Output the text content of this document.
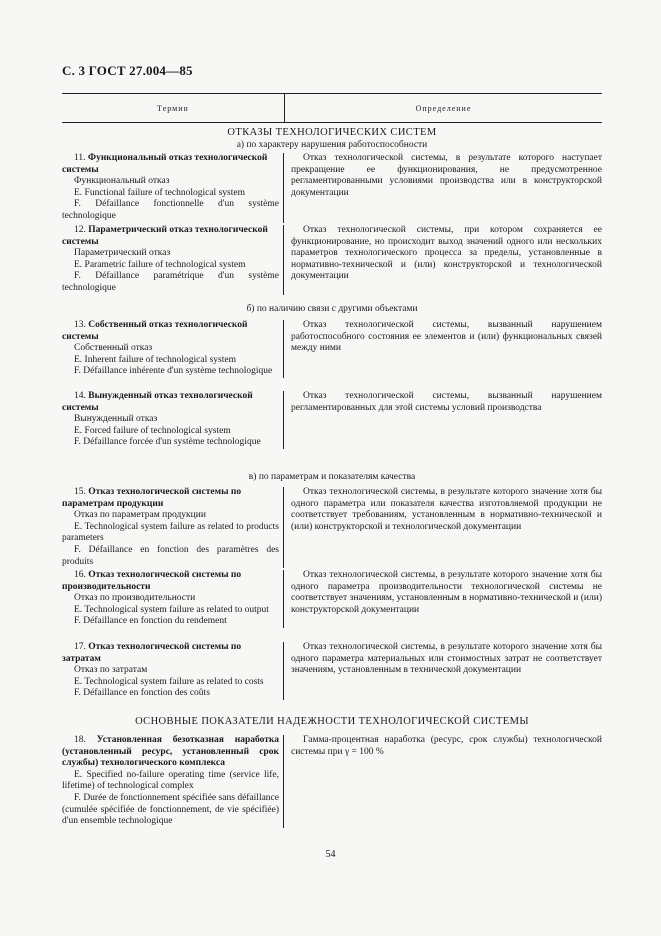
С. 3 ГОСТ 27.004—85
Термин	Определение
ОТКАЗЫ ТЕХНОЛОГИЧЕСКИХ СИСТЕМ
а) по характеру нарушения работоспособности

11. Функциональный отказ технологической системы

Функциональный отказ

E. Functional failure of technological system

F. Défaillance fonctionnelle d'un système technologique

Отказ технологической системы, в результате которого наступает прекращение ее функционирования, не предусмотренное регламентированными условиями производства или в конструкторской документации

12. Параметрический отказ технологической системы

Параметрический отказ

E. Parametric failure of technological system

F. Défaillance paramétrique d'un système technologique

Отказ технологической системы, при котором сохраняется ее функционирование, но происходит выход значений одного или нескольких параметров технологического процесса за пределы, установленные в нормативно-технической и (или) конструкторской и технологической документации
б) по наличию связи с другими объектами

13. Собственный отказ технологической системы

Собственный отказ

E. Inherent failure of technological system

F. Défaillance inhérente d'un système technologique

Отказ технологической системы, вызванный нарушением работоспособного состояния ее элементов и (или) функциональных связей между ними

14. Вынужденный отказ технологической системы

Вынужденный отказ

E. Forced failure of technological system

F. Défaillance forcée d'un système technologique

Отказ технологической системы, вызванный нарушением регламентированных для этой системы условий производства
в) по параметрам и показателям качества

15. Отказ технологической системы по параметрам продукции

Отказ по параметрам продукции

E. Technological system failure as related to products parameters

F. Défaillance en fonction des paramètres des produits

Отказ технологической системы, в результате которого значение хотя бы одного параметра или показателя качества изготовляемой продукции не соответствует требованиям, установленным в нормативно-технической и (или) конструкторской и технологической документации

16. Отказ технологической системы по производительности

Отказ по производительности

E. Technological system failure as related to output

F. Défaillance en fonction du rendement

Отказ технологической системы, в результате которого значение хотя бы одного параметра производительности технологической системы не соответствует значениям, установленным в нормативно-технической и (или) конструкторской документации

17. Отказ технологической системы по затратам

Отказ по затратам

E. Technological system failure as related to costs

F. Défaillance en fonction des coûts

Отказ технологической системы, в результате которого значение хотя бы одного параметра материальных или стоимостных затрат не соответствует значениям, установленным в технической документации
ОСНОВНЫЕ ПОКАЗАТЕЛИ НАДЕЖНОСТИ ТЕХНОЛОГИЧЕСКОЙ СИСТЕМЫ

18. Установленная безотказная наработка (установленный ресурс, установленный срок службы) технологического комплекса

E. Specified no-failure operating time (service life, lifetime) of technological complex

F. Durée de fonctionnement spécifiée sans défaillance (cumulée spécifiée de fonctionnement, de vie spécifiée) d'un ensemble technologique

Гамма-процентная наработка (ресурс, срок службы) технологической системы при γ = 100 %
54
